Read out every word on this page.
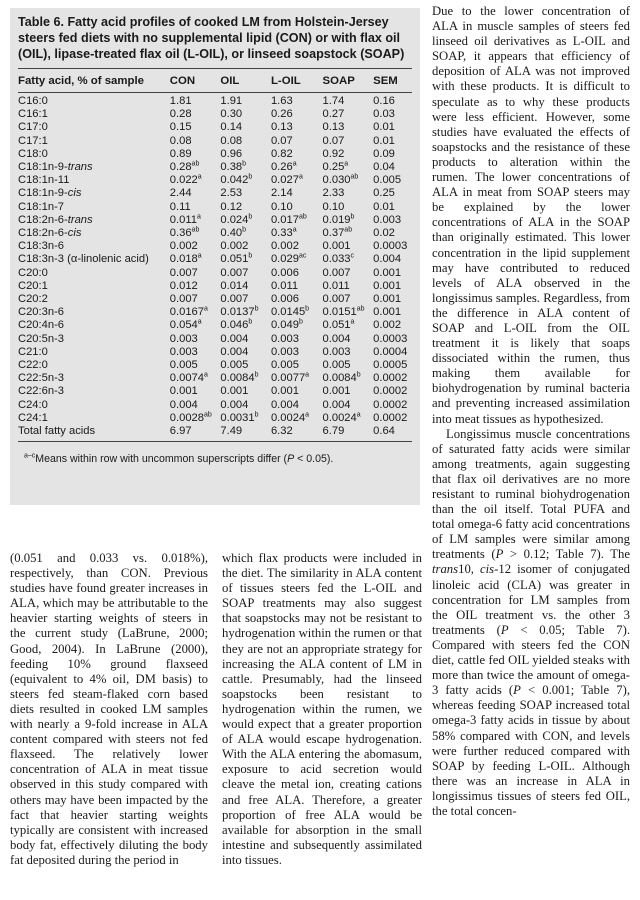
Table 6. Fatty acid profiles of cooked LM from Holstein-Jersey steers fed diets with no supplemental lipid (CON) or with flax oil (OIL), lipase-treated flax oil (L-OIL), or linseed soapstock (SOAP)
Fatty acid, % of sample	CON	OIL	L-OIL	SOAP	SEM
C16:0	1.81	1.91	1.63	1.74	0.16
C16:1	0.28	0.30	0.26	0.27	0.03
C17:0	0.15	0.14	0.13	0.13	0.01
C17:1	0.08	0.08	0.07	0.07	0.01
C18:0	0.89	0.96	0.82	0.92	0.09
C18:1n-9-trans	0.28$^{ab}$	0.38$^b$	0.26$^a$	0.25$^a$	0.04
C18:1n-11	0.022$^a$	0.042$^b$	0.027$^a$	0.030$^{ab}$	0.005
C18:1n-9-cis	2.44	2.53	2.14	2.33	0.25
C18:1n-7	0.11	0.12	0.10	0.10	0.01
C18:2n-6-trans	0.011$^a$	0.024$^b$	0.017$^{ab}$	0.019$^b$	0.003
C18:2n-6-cis	0.36$^{ab}$	0.40$^b$	0.33$^a$	0.37$^{ab}$	0.02
C18:3n-6	0.002	0.002	0.002	0.001	0.0003
C18:3n-3 (α-linolenic acid)	0.018$^a$	0.051$^b$	0.029$^{ac}$	0.033$^c$	0.004
C20:0	0.007	0.007	0.006	0.007	0.001
C20:1	0.012	0.014	0.011	0.011	0.001
C20:2	0.007	0.007	0.006	0.007	0.001
C20:3n-6	0.0167$^a$	0.0137$^b$	0.0145$^b$	0.0151$^{ab}$ 0.001
C20:4n-6	0.054$^a$	0.046$^b$	0.049$^b$	0.051$^a$	0.002
C20:5n-3	0.003	0.004	0.003	0.004	0.0003
C21:0	0.003	0.004	0.003	0.003	0.0004
C22:0	0.005	0.005	0.005	0.005	0.0005
C22:5n-3	0.0074$^a$	0.0084$^b$	0.0077$^a$	0.0084$^b$	0.0002
C22:6n-3	0.001	0.001	0.001	0.001	0.0002
C24:0	0.004	0.004	0.004	0.004	0.0002
C24:1	0.0028$^{ab}$ 0.0031$^b$	0.0024$^a$	0.0024$^a$	0.0002
Total fatty acids	6.97	7.49	6.32	6.79	0.64
$^{a-c}$Means within row with uncommon superscripts differ (P < 0.05).

Due to the lower concentration of ALA in muscle samples of steers fed linseed oil derivatives as L-OIL and SOAP, it appears that efficiency of deposition of ALA was not improved with these products. It is difficult to speculate as to why these products were less efficient. However, some studies have evaluated the effects of soapstocks and the resistance of these products to alteration within the rumen. The lower concentrations of ALA in meat from SOAP steers may be explained by the lower concentrations of ALA in the SOAP than originally estimated. This lower concentration in the lipid supplement may have contributed to reduced levels of ALA observed in the longissimus samples. Regardless, from the difference in ALA content of SOAP and L-OIL from the OIL treatment it is likely that soaps dissociated within the rumen, thus making them available for biohydrogenation by ruminal bacteria and preventing increased assimilation into meat tissues as hypothesized.

Longissimus muscle concentrations of saturated fatty acids were similar among treatments, again suggesting that flax oil derivatives are no more resistant to ruminal biohydrogenation than the oil itself. Total PUFA and total omega-6 fatty acid concentrations of LM samples were similar among treatments (P > 0.12; Table 7). The trans10, cis-12 isomer of conjugated linoleic acid (CLA) was greater in concentration for LM samples from the OIL treatment vs. the other 3 treatments (P < 0.05; Table 7). Compared with steers fed the CON diet, cattle fed OIL yielded steaks with more than twice the amount of omega-3 fatty acids (P < 0.001; Table 7), whereas feeding SOAP increased total omega-3 fatty acids in tissue by about 58% compared with CON, and levels were further reduced compared with SOAP by feeding L-OIL. Although there was an increase in ALA in longissimus tissues of steers fed OIL, the total concen-

(0.051 and 0.033 vs. 0.018%), respectively, than CON. Previous studies have found greater increases in ALA, which may be attributable to the heavier starting weights of steers in the current study (LaBrune, 2000; Good, 2004). In LaBrune (2000), feeding 10% ground flaxseed (equivalent to 4% oil, DM basis) to steers fed steam-flaked corn based diets resulted in cooked LM samples with nearly a 9-fold increase in ALA content compared with steers not fed flaxseed. The relatively lower concentration of ALA in meat tissue observed in this study compared with others may have been impacted by the fact that heavier starting weights typically are consistent with increased body fat, effectively diluting the body fat deposited during the period in

which flax products were included in the diet. The similarity in ALA content of tissues steers fed the L-OIL and SOAP treatments may also suggest that soapstocks may not be resistant to hydrogenation within the rumen or that they are not an appropriate strategy for increasing the ALA content of LM in cattle. Presumably, had the linseed soapstocks been resistant to hydrogenation within the rumen, we would expect that a greater proportion of ALA would escape hydrogenation. With the ALA entering the abomasum, exposure to acid secretion would cleave the metal ion, creating cations and free ALA. Therefore, a greater proportion of free ALA would be available for absorption in the small intestine and subsequently assimilated into tissues.
